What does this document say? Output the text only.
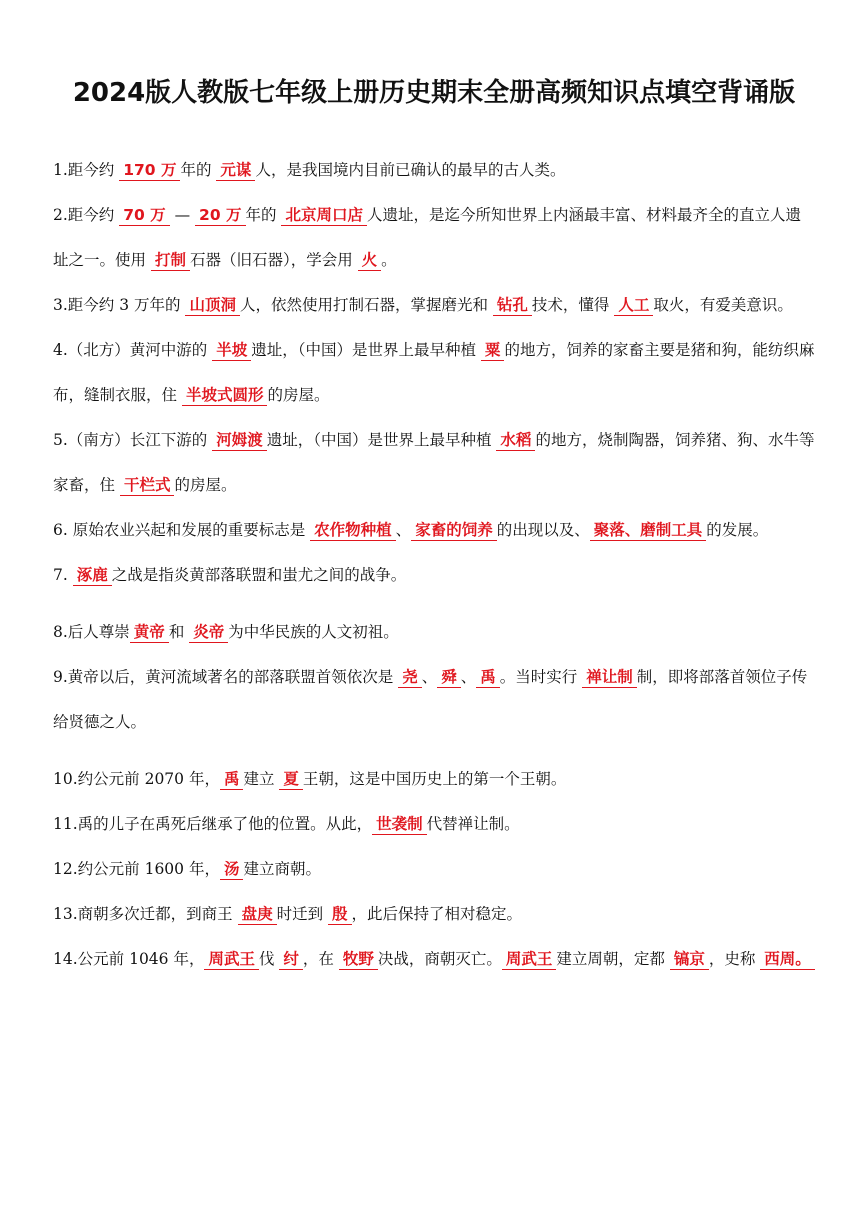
2024版人教版七年级上册历史期末全册高频知识点填空背诵版

1.距今约 170 万 年的 元谋 人，是我国境内目前已确认的最早的古人类。

2.距今约 70 万 — 20 万 年的 北京周口店 人遗址，是迄今所知世界上内涵最丰富、材料最齐全的直立人遗址之一。使用 打制 石器（旧石器），学会用 火 。

3.距今约 3 万年的 山顶洞 人，依然使用打制石器，掌握磨光和 钻孔 技术，懂得 人工 取火，有爱美意识。

4.（北方）黄河中游的 半坡 遗址，（中国）是世界上最早种植 粟 的地方，饲养的家畜主要是猪和狗，能纺织麻布，缝制衣服，住 半坡式圆形 的房屋。

5.（南方）长江下游的 河姆渡 遗址，（中国）是世界上最早种植 水稻 的地方，烧制陶器，饲养猪、狗、水牛等家畜，住 干栏式 的房屋。

6. 原始农业兴起和发展的重要标志是 农作物种植 、 家畜的饲养 的出现以及、 聚落、磨制工具 的发展。

7. 涿鹿 之战是指炎黄部落联盟和蚩尤之间的战争。

8.后人尊崇 黄帝 和 炎帝 为中华民族的人文初祖。

9.黄帝以后，黄河流域著名的部落联盟首领依次是 尧 、 舜 、 禹 。当时实行 禅让制 制，即将部落首领位子传给贤德之人。

10.约公元前 2070 年， 禹 建立 夏 王朝，这是中国历史上的第一个王朝。

11.禹的儿子在禹死后继承了他的位置。从此， 世袭制 代替禅让制。

12.约公元前 1600 年， 汤 建立商朝。

13.商朝多次迁都，到商王 盘庚 时迁到 殷 ，此后保持了相对稳定。

14.公元前 1046 年， 周武王 伐 纣 ，在 牧野 决战，商朝灭亡。 周武王 建立周朝，定都 镐京 ，史称 西周。
